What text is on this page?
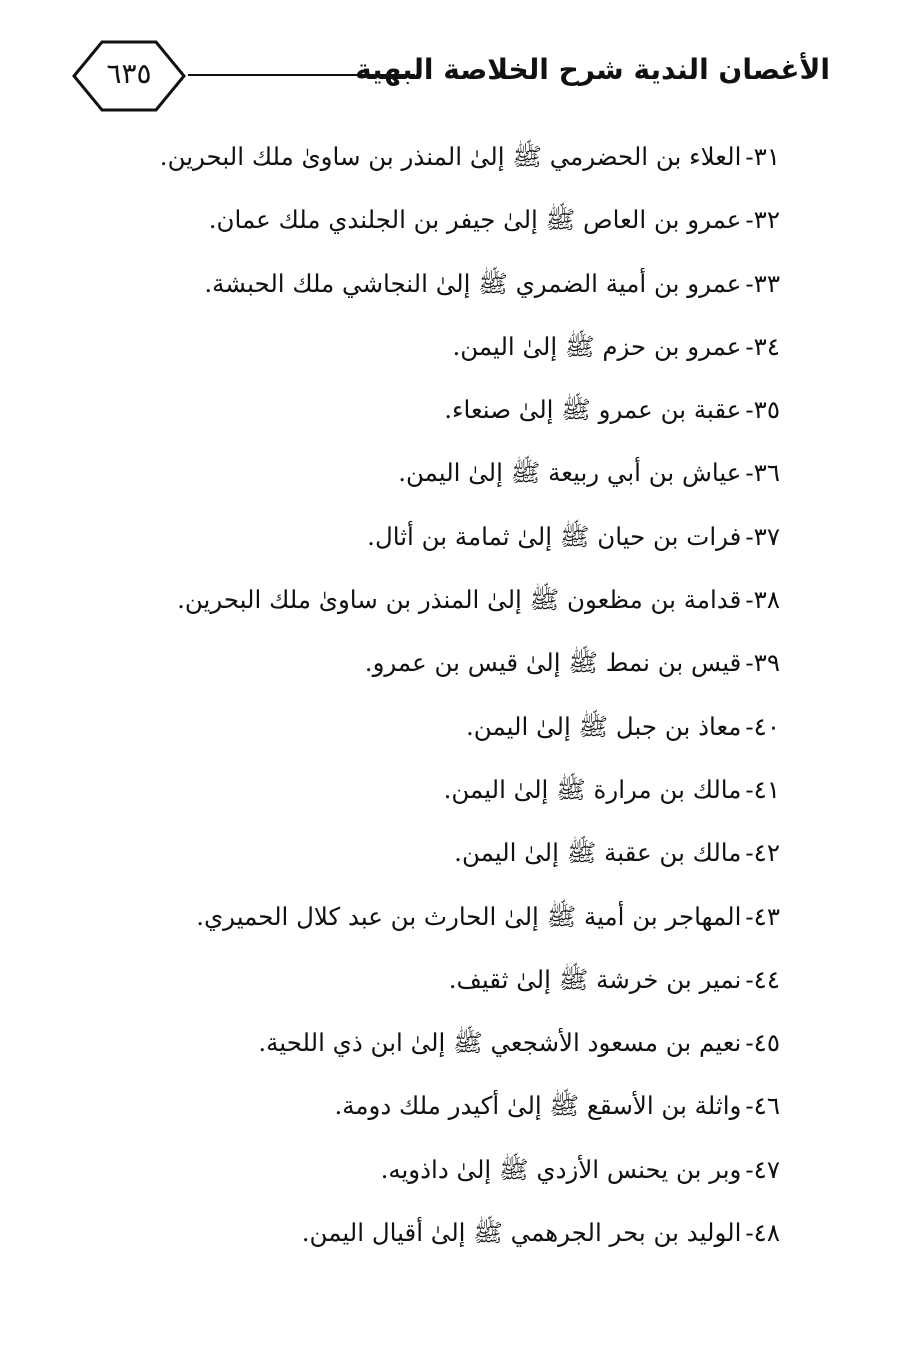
الأغصان الندية شرح الخلاصة البهية
٦٣٥
٣١-العلاء بن الحضرمي ﷺ إلىٰ المنذر بن ساوىٰ ملك البحرين.
٣٢-عمرو بن العاص ﷺ إلىٰ جيفر بن الجلندي ملك عمان.
٣٣-عمرو بن أمية الضمري ﷺ إلىٰ النجاشي ملك الحبشة.
٣٤-عمرو بن حزم ﷺ إلىٰ اليمن.
٣٥-عقبة بن عمرو ﷺ إلىٰ صنعاء.
٣٦-عياش بن أبي ربيعة ﷺ إلىٰ اليمن.
٣٧-فرات بن حيان ﷺ إلىٰ ثمامة بن أثال.
٣٨-قدامة بن مظعون ﷺ إلىٰ المنذر بن ساوىٰ ملك البحرين.
٣٩-قيس بن نمط ﷺ إلىٰ قيس بن عمرو.
٤٠-معاذ بن جبل ﷺ إلىٰ اليمن.
٤١-مالك بن مرارة ﷺ إلىٰ اليمن.
٤٢-مالك بن عقبة ﷺ إلىٰ اليمن.
٤٣-المهاجر بن أمية ﷺ إلىٰ الحارث بن عبد كلال الحميري.
٤٤-نمير بن خرشة ﷺ إلىٰ ثقيف.
٤٥-نعيم بن مسعود الأشجعي ﷺ إلىٰ ابن ذي اللحية.
٤٦-واثلة بن الأسقع ﷺ إلىٰ أكيدر ملك دومة.
٤٧-وبر بن يحنس الأزدي ﷺ إلىٰ داذويه.
٤٨-الوليد بن بحر الجرهمي ﷺ إلىٰ أقيال اليمن.
